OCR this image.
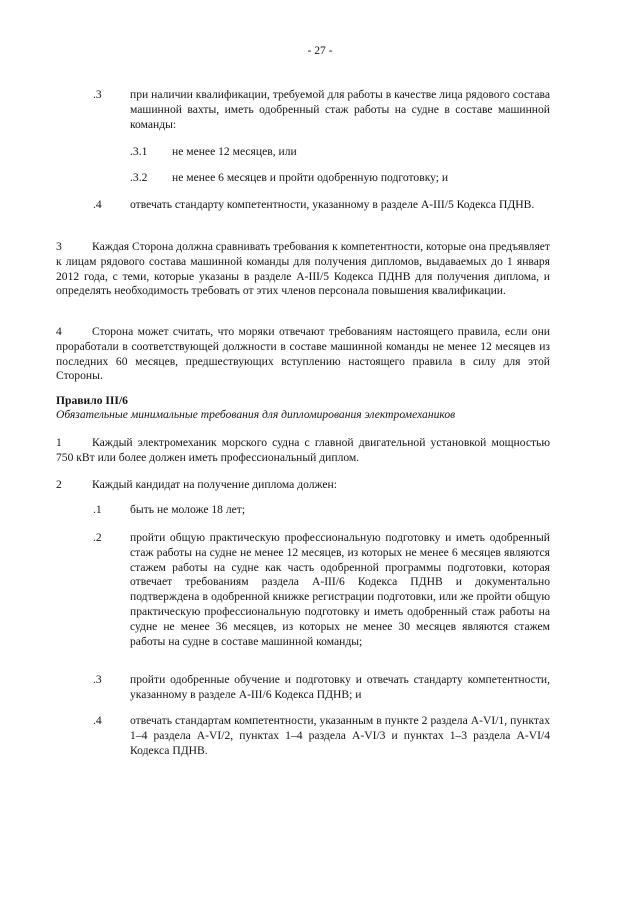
- 27 -
.3 при наличии квалификации, требуемой для работы в качестве лица рядового состава машинной вахты, иметь одобренный стаж работы на судне в составе машинной команды:
.3.1 не менее 12 месяцев, или
.3.2 не менее 6 месяцев и пройти одобренную подготовку; и
.4 отвечать стандарту компетентности, указанному в разделе A-III/5 Кодекса ПДНВ.
3	Каждая Сторона должна сравнивать требования к компетентности, которые она предъявляет к лицам рядового состава машинной команды для получения дипломов, выдаваемых до 1 января 2012 года, с теми, которые указаны в разделе A-III/5 Кодекса ПДНВ для получения диплома, и определять необходимость требовать от этих членов персонала повышения квалификации.
4	Сторона может считать, что моряки отвечают требованиям настоящего правила, если они проработали в соответствующей должности в составе машинной команды не менее 12 месяцев из последних 60 месяцев, предшествующих вступлению настоящего правила в силу для этой Стороны.
Правило III/6
Обязательные минимальные требования для дипломирования электромехаников
1	Каждый электромеханик морского судна с главной двигательной установкой мощностью 750 кВт или более должен иметь профессиональный диплом.
2	Каждый кандидат на получение диплома должен:
.1 быть не моложе 18 лет;
.2 пройти общую практическую профессиональную подготовку и иметь одобренный стаж работы на судне не менее 12 месяцев, из которых не менее 6 месяцев являются стажем работы на судне как часть одобренной программы подготовки, которая отвечает требованиям раздела A-III/6 Кодекса ПДНВ и документально подтверждена в одобренной книжке регистрации подготовки, или же пройти общую практическую профессиональную подготовку и иметь одобренный стаж работы на судне не менее 36 месяцев, из которых не менее 30 месяцев являются стажем работы на судне в составе машинной команды;
.3 пройти одобренные обучение и подготовку и отвечать стандарту компетентности, указанному в разделе A-III/6 Кодекса ПДНВ; и
.4 отвечать стандартам компетентности, указанным в пункте 2 раздела A-VI/1, пунктах 1–4 раздела A-VI/2, пунктах 1–4 раздела A-VI/3 и пунктах 1–3 раздела A-VI/4 Кодекса ПДНВ.
